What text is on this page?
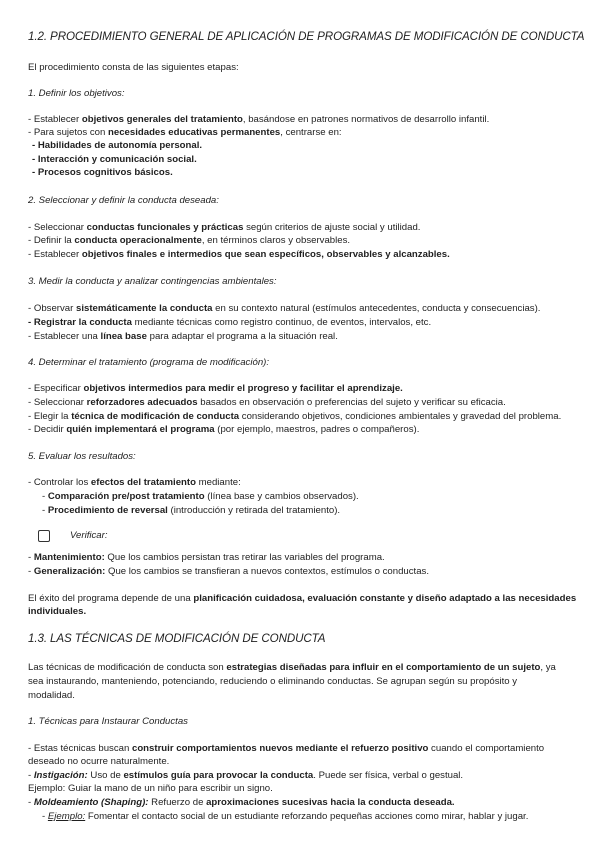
1.2. PROCEDIMIENTO GENERAL DE APLICACIÓN DE PROGRAMAS DE MODIFICACIÓN DE CONDUCTA
El procedimiento consta de las siguientes etapas:
1. Definir los objetivos:
- Establecer objetivos generales del tratamiento, basándose en patrones normativos de desarrollo infantil.
- Para sujetos con necesidades educativas permanentes, centrarse en:
- Habilidades de autonomía personal.
- Interacción y comunicación social.
- Procesos cognitivos básicos.
2. Seleccionar y definir la conducta deseada:
- Seleccionar conductas funcionales y prácticas según criterios de ajuste social y utilidad.
- Definir la conducta operacionalmente, en términos claros y observables.
- Establecer objetivos finales e intermedios que sean específicos, observables y alcanzables.
3. Medir la conducta y analizar contingencias ambientales:
- Observar sistemáticamente la conducta en su contexto natural (estímulos antecedentes, conducta y consecuencias).
- Registrar la conducta mediante técnicas como registro continuo, de eventos, intervalos, etc.
- Establecer una línea base para adaptar el programa a la situación real.
4. Determinar el tratamiento (programa de modificación):
- Especificar objetivos intermedios para medir el progreso y facilitar el aprendizaje.
- Seleccionar reforzadores adecuados basados en observación o preferencias del sujeto y verificar su eficacia.
- Elegir la técnica de modificación de conducta considerando objetivos, condiciones ambientales y gravedad del problema.
- Decidir quién implementará el programa (por ejemplo, maestros, padres o compañeros).
5. Evaluar los resultados:
- Controlar los efectos del tratamiento mediante:
- Comparación pre/post tratamiento (línea base y cambios observados).
- Procedimiento de reversal (introducción y retirada del tratamiento).
Verificar:
- Mantenimiento: Que los cambios persistan tras retirar las variables del programa.
- Generalización: Que los cambios se transfieran a nuevos contextos, estímulos o conductas.
El éxito del programa depende de una planificación cuidadosa, evaluación constante y diseño adaptado a las necesidades
individuales.
1.3. LAS TÉCNICAS DE MODIFICACIÓN DE CONDUCTA
Las técnicas de modificación de conducta son estrategias diseñadas para influir en el comportamiento de un sujeto, ya
sea instaurando, manteniendo, potenciando, reduciendo o eliminando conductas. Se agrupan según su propósito y
modalidad.
1. Técnicas para Instaurar Conductas
- Estas técnicas buscan construir comportamientos nuevos mediante el refuerzo positivo cuando el comportamiento
deseado no ocurre naturalmente.
- Instigación: Uso de estímulos guía para provocar la conducta. Puede ser física, verbal o gestual.
Ejemplo: Guiar la mano de un niño para escribir un signo.
- Moldeamiento (Shaping): Refuerzo de aproximaciones sucesivas hacia la conducta deseada.
- Ejemplo: Fomentar el contacto social de un estudiante reforzando pequeñas acciones como mirar, hablar y jugar.
